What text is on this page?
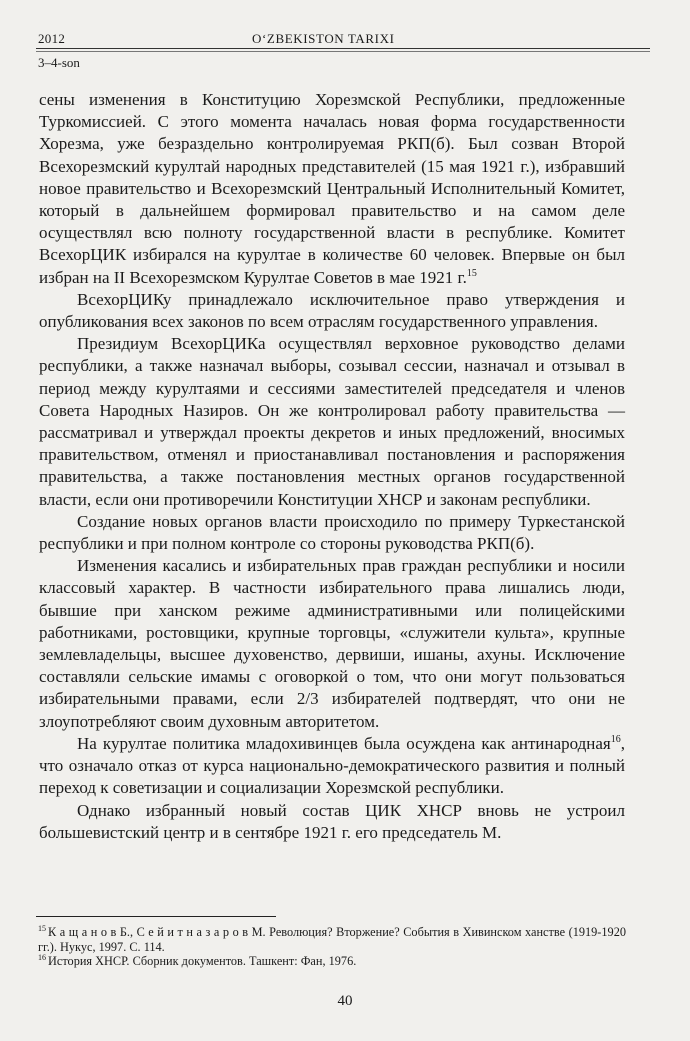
2012	O‘ZBEKISTON TARIXI
3–4-son

сены изменения в Конституцию Хорезмской Республики, предложенные Туркомиссией. С этого момента началась новая форма государственности Хорезма, уже безраздельно контролируемая РКП(б). Был созван Второй Всехорезмский курултай народных представителей (15 мая 1921 г.), избравший новое правительство и Всехорезмский Центральный Исполнительный Комитет, который в дальнейшем формировал правительство и на самом деле осуществлял всю полноту государственной власти в республике. Комитет ВсехорЦИК избирался на курултае в количестве 60 человек. Впервые он был избран на II Всехорезмском Курултае Советов в мае 1921 г.$^{15}$

ВсехорЦИКу принадлежало исключительное право утверждения и опубликования всех законов по всем отраслям государственного управления.

Президиум ВсехорЦИКа осуществлял верховное руководство делами республики, а также назначал выборы, созывал сессии, назначал и отзывал в период между курултаями и сессиями заместителей председателя и членов Совета Народных Назиров. Он же контролировал работу правительства — рассматривал и утверждал проекты декретов и иных предложений, вносимых правительством, отменял и приостанавливал постановления и распоряжения правительства, а также постановления местных органов государственной власти, если они противоречили Конституции ХНСР и законам республики.

Создание новых органов власти происходило по примеру Туркестанской республики и при полном контроле со стороны руководства РКП(б).

Изменения касались и избирательных прав граждан республики и носили классовый характер. В частности избирательного права лишались люди, бывшие при ханском режиме административными или полицейскими работниками, ростовщики, крупные торговцы, «служители культа», крупные землевладельцы, высшее духовенство, дервиши, ишаны, ахуны. Исключение составляли сельские имамы с оговоркой о том, что они могут пользоваться избирательными правами, если 2/3 избирателей подтвердят, что они не злоупотребляют своим духовным авторитетом.

На курултае политика младохивинцев была осуждена как антинародная$^{16}$, что означало отказ от курса национально-демократического развития и полный переход к советизации и социализации Хорезмской республики.

Однако избранный новый состав ЦИК ХНСР вновь не устроил большевистский центр и в сентябре 1921 г. его председатель М.

$^{15}$ К а щ а н о в Б., С е й и т н а з а р о в М. Революция? Вторжение? События в Хивинском ханстве (1919-1920 гг.). Нукус, 1997. С. 114.

$^{16}$ История ХНСР. Сборник документов. Ташкент: Фан, 1976.

40
